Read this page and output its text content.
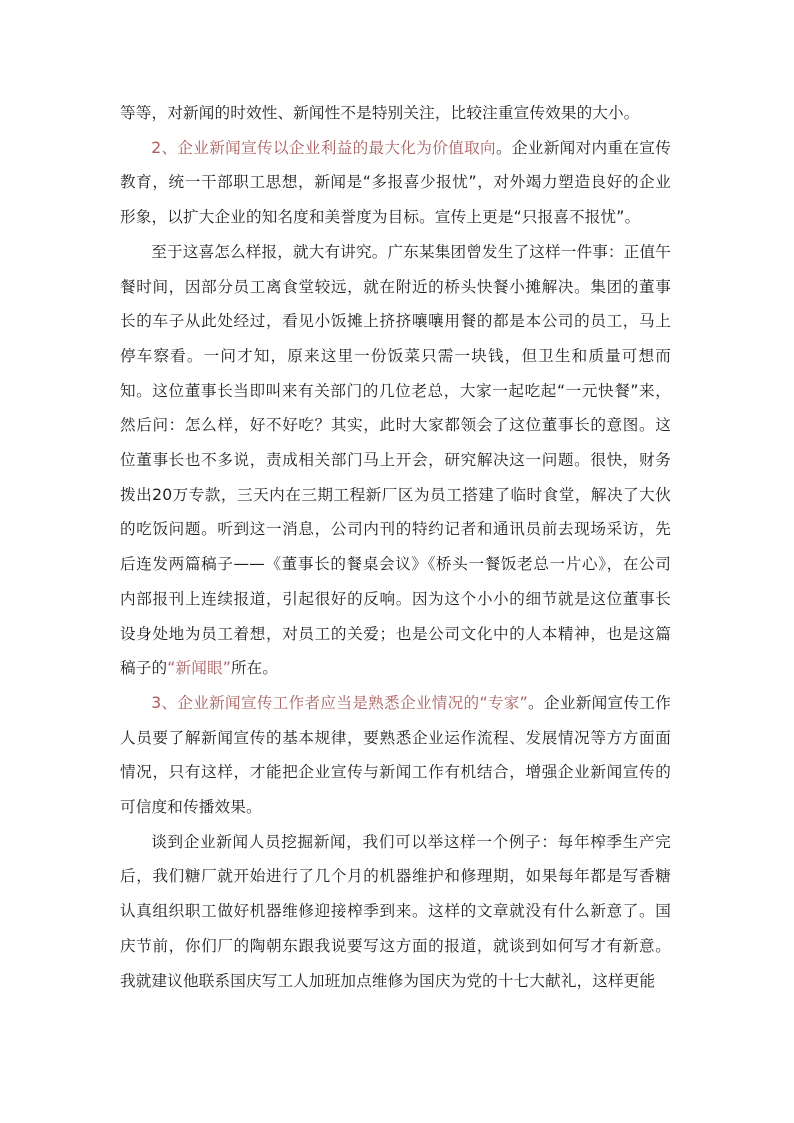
等等，对新闻的时效性、新闻性不是特别关注，比较注重宣传效果的大小。

2、企业新闻宣传以企业利益的最大化为价值取向。企业新闻对内重在宣传教育，统一干部职工思想，新闻是“多报喜少报忧”，对外竭力塑造良好的企业形象，以扩大企业的知名度和美誉度为目标。宣传上更是“只报喜不报忧”。

至于这喜怎么样报，就大有讲究。广东某集团曾发生了这样一件事：正值午餐时间，因部分员工离食堂较远，就在附近的桥头快餐小摊解决。集团的董事长的车子从此处经过，看见小饭摊上挤挤嚷嚷用餐的都是本公司的员工，马上停车察看。一问才知，原来这里一份饭菜只需一块钱，但卫生和质量可想而知。这位董事长当即叫来有关部门的几位老总，大家一起吃起“一元快餐”来，然后问：怎么样，好不好吃？其实，此时大家都领会了这位董事长的意图。这位董事长也不多说，责成相关部门马上开会，研究解决这一问题。很快，财务拨出20万专款，三天内在三期工程新厂区为员工搭建了临时食堂，解决了大伙的吃饭问题。听到这一消息，公司内刊的特约记者和通讯员前去现场采访，先后连发两篇稿子——《董事长的餐桌会议》《桥头一餐饭老总一片心》，在公司内部报刊上连续报道，引起很好的反响。因为这个小小的细节就是这位董事长设身处地为员工着想，对员工的关爱；也是公司文化中的人本精神，也是这篇稿子的“新闻眼”所在。

3、企业新闻宣传工作者应当是熟悉企业情况的“专家”。企业新闻宣传工作人员要了解新闻宣传的基本规律，要熟悉企业运作流程、发展情况等方方面面情况，只有这样，才能把企业宣传与新闻工作有机结合，增强企业新闻宣传的可信度和传播效果。

谈到企业新闻人员挖掘新闻，我们可以举这样一个例子：每年榨季生产完后，我们糖厂就开始进行了几个月的机器维护和修理期，如果每年都是写香糖认真组织职工做好机器维修迎接榨季到来。这样的文章就没有什么新意了。国庆节前，你们厂的陶朝东跟我说要写这方面的报道，就谈到如何写才有新意。我就建议他联系国庆写工人加班加点维修为国庆为党的十七大献礼，这样更能
